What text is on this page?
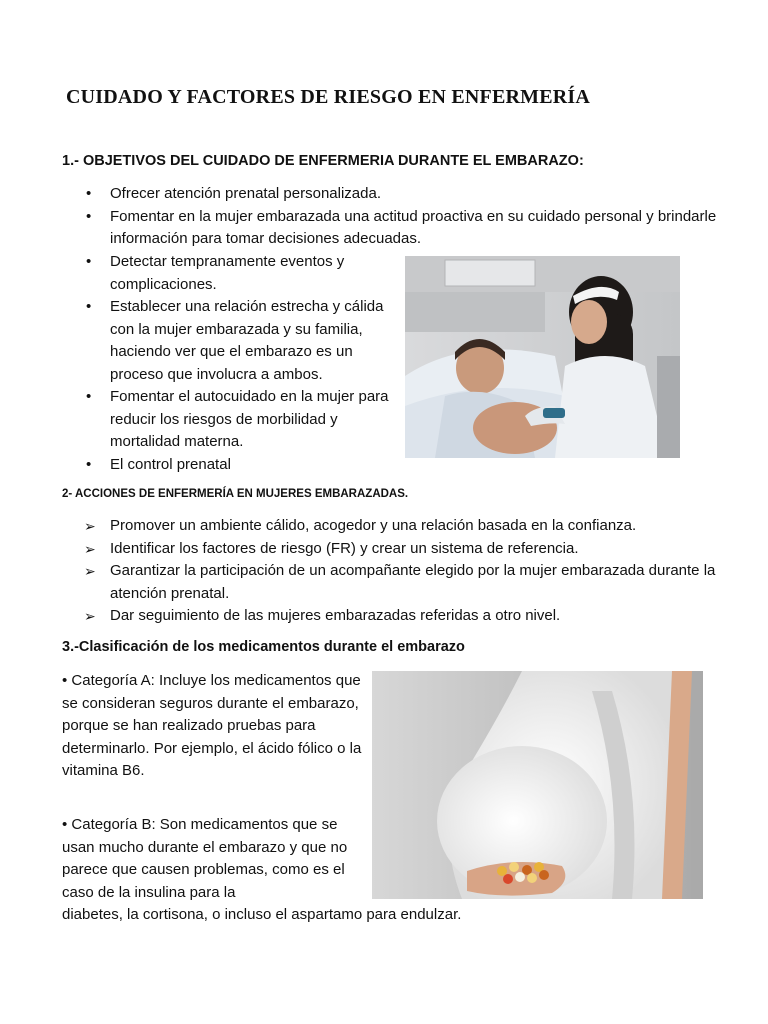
CUIDADO Y FACTORES DE RIESGO EN ENFERMERÍA
1.- OBJETIVOS DEL CUIDADO DE ENFERMERIA DURANTE EL EMBARAZO:
• Ofrecer atención prenatal personalizada.
• Fomentar en la mujer embarazada una actitud proactiva en su cuidado personal y brindarle información para tomar decisiones adecuadas.
• Detectar tempranamente eventos y complicaciones.
• Establecer una relación estrecha y cálida con la mujer embarazada y su familia, haciendo ver que el embarazo es un proceso que involucra a ambos.
• Fomentar el autocuidado en la mujer para reducir los riesgos de morbilidad y mortalidad materna.
• El control prenatal
2- ACCIONES DE ENFERMERÍA EN MUJERES EMBARAZADAS.
➢ Promover un ambiente cálido, acogedor y una relación basada en la confianza.
➢ Identificar los factores de riesgo (FR) y crear un sistema de referencia.
➢ Garantizar la participación de un acompañante elegido por la mujer embarazada durante la atención prenatal.
➢ Dar seguimiento de las mujeres embarazadas referidas a otro nivel.
3.-Clasificación de los medicamentos durante el embarazo

• Categoría A: Incluye los medicamentos que se consideran seguros durante el embarazo, porque se han realizado pruebas para determinarlo. Por ejemplo, el ácido fólico o la vitamina B6.

• Categoría B: Son medicamentos que se usan mucho durante el embarazo y que no parece que causen problemas, como es el caso de la insulina para la

diabetes, la cortisona, o incluso el aspartamo para endulzar.
